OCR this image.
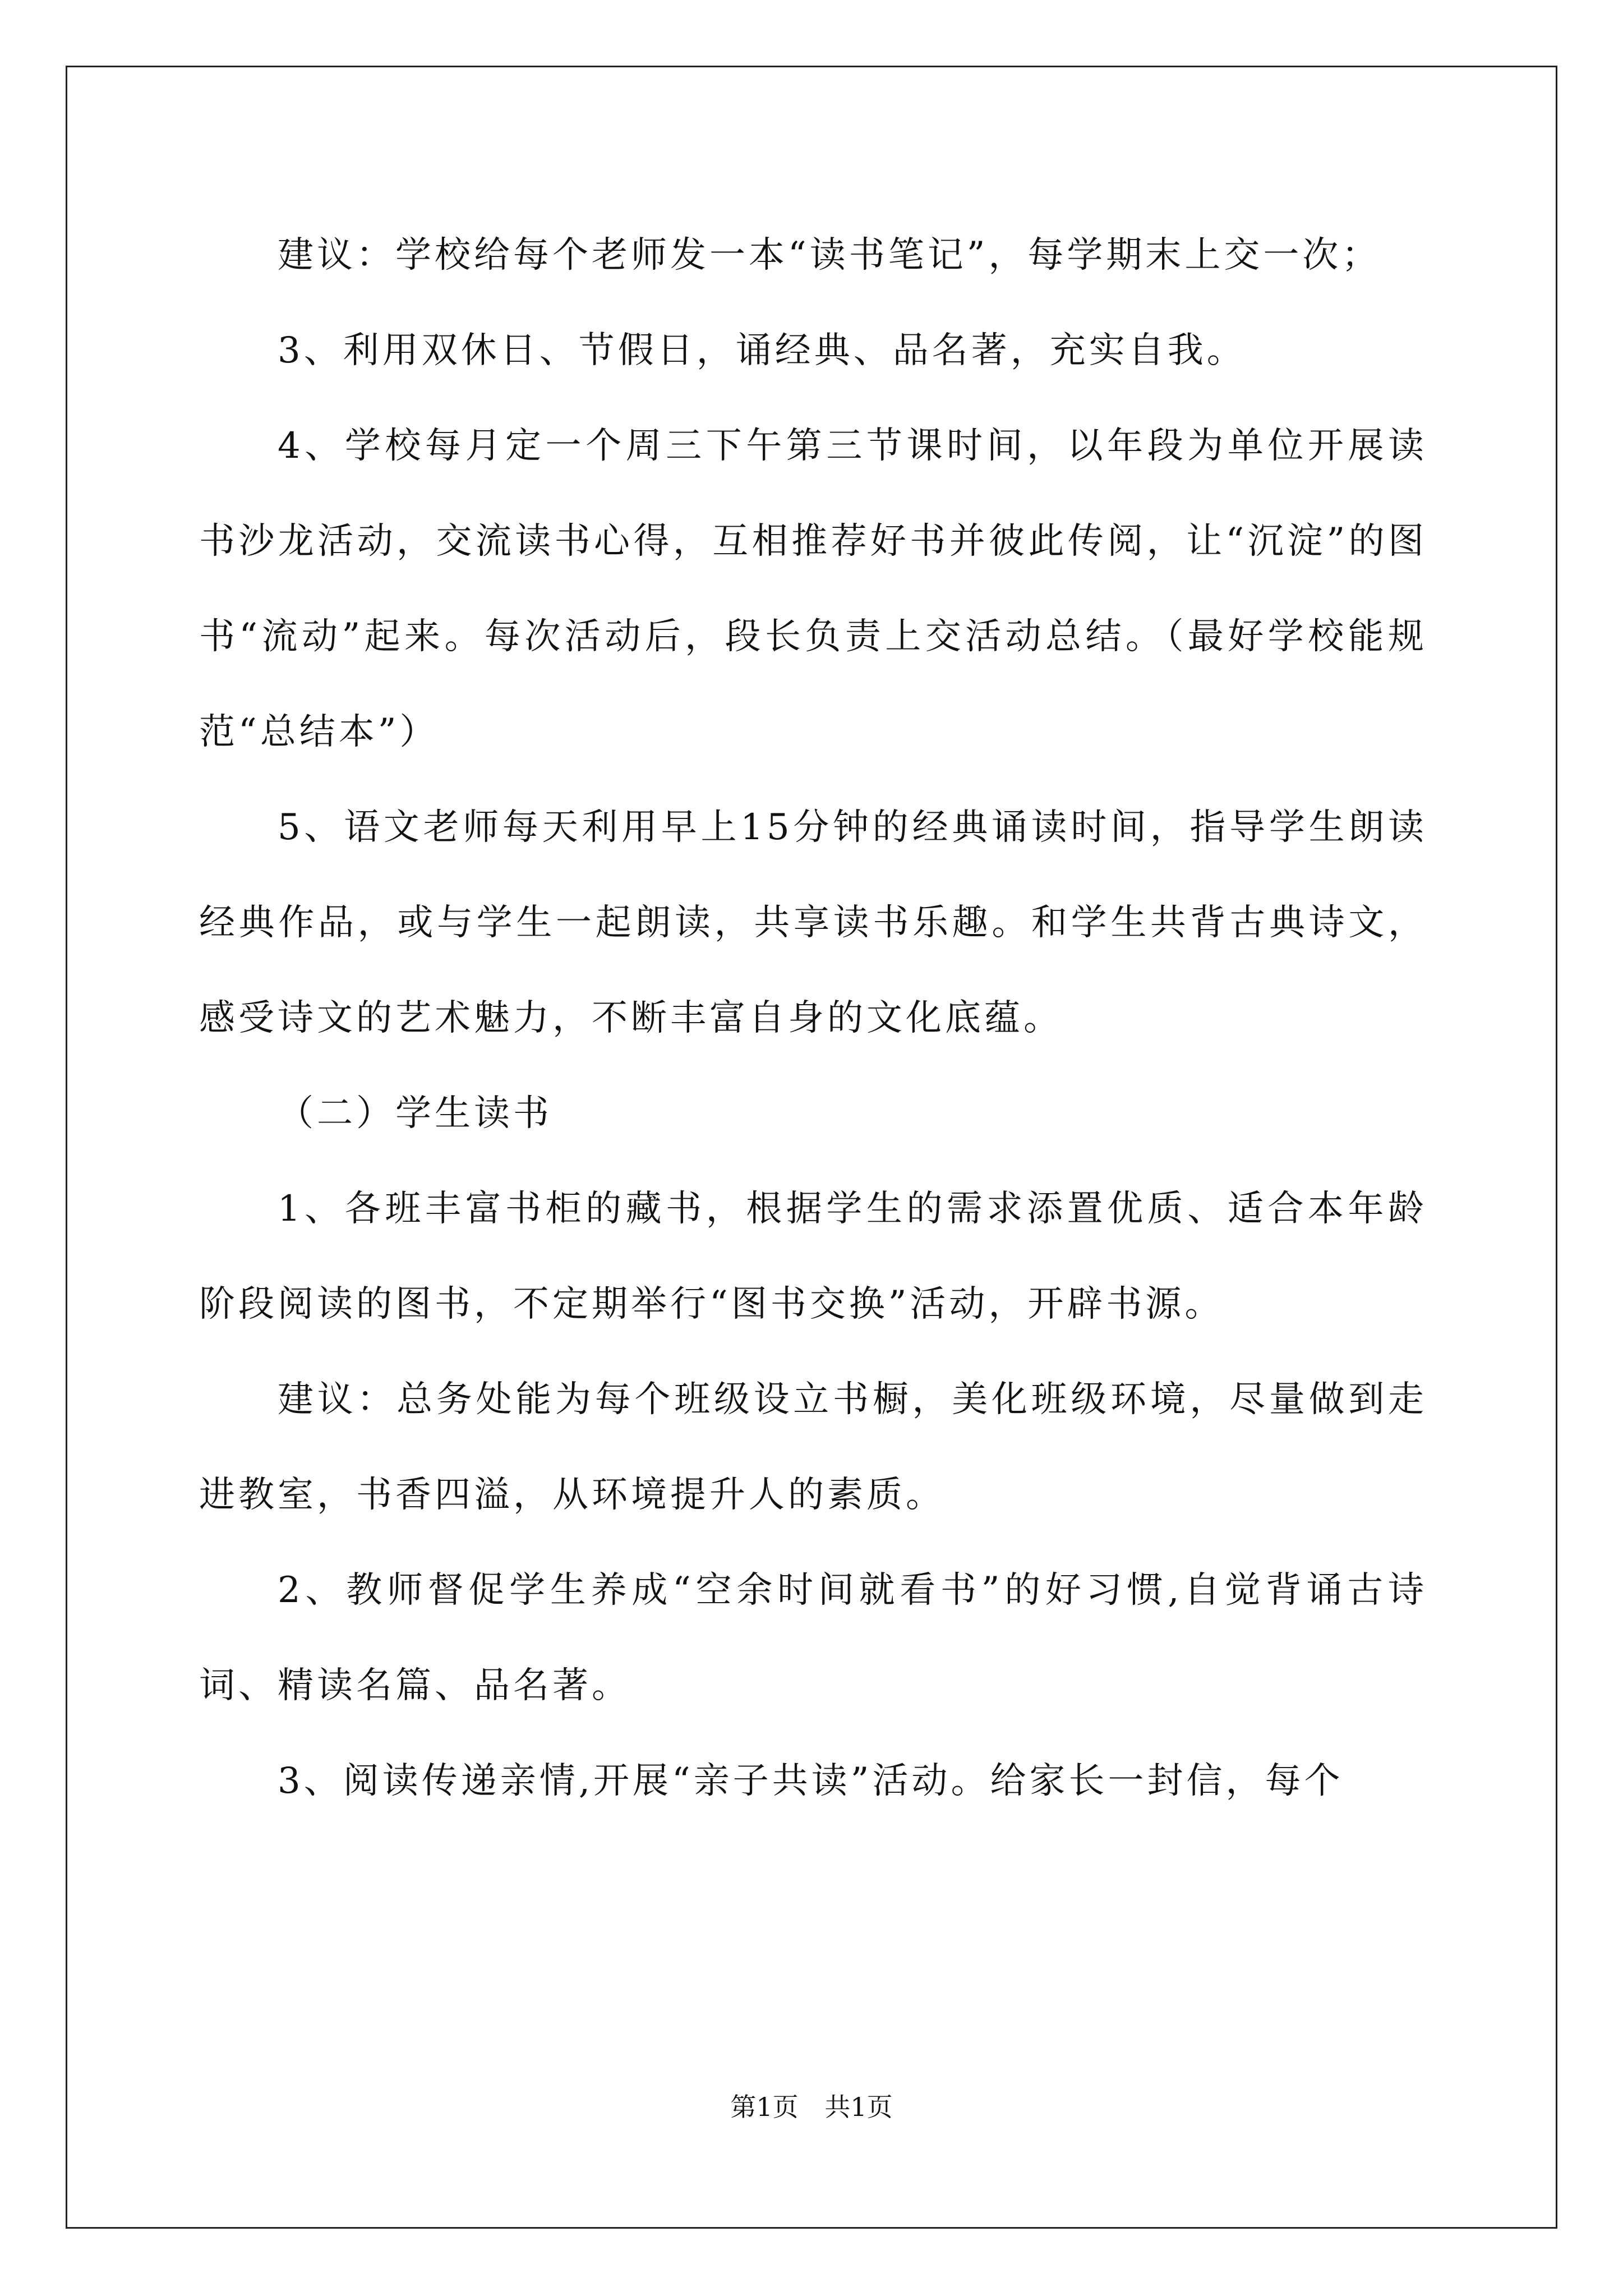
建议：学校给每个老师发一本“读书笔记”，每学期末上交一次；

3、利用双休日、节假日，诵经典、品名著，充实自我。

4、学校每月定一个周三下午第三节课时间，以年段为单位开展读书沙龙活动，交流读书心得，互相推荐好书并彼此传阅，让“沉淀”的图书“流动”起来。每次活动后，段长负责上交活动总结。（最好学校能规范“总结本”）

5、语文老师每天利用早上15分钟的经典诵读时间，指导学生朗读经典作品，或与学生一起朗读，共享读书乐趣。和学生共背古典诗文，感受诗文的艺术魅力，不断丰富自身的文化底蕴。

（二）学生读书

1、各班丰富书柜的藏书，根据学生的需求添置优质、适合本年龄阶段阅读的图书，不定期举行“图书交换”活动，开辟书源。

建议：总务处能为每个班级设立书橱，美化班级环境，尽量做到走进教室，书香四溢，从环境提升人的素质。

2、教师督促学生养成“空余时间就看书”的好习惯,自觉背诵古诗词、精读名篇、品名著。

3、阅读传递亲情,开展“亲子共读”活动。给家长一封信，每个

第1页 共1页
